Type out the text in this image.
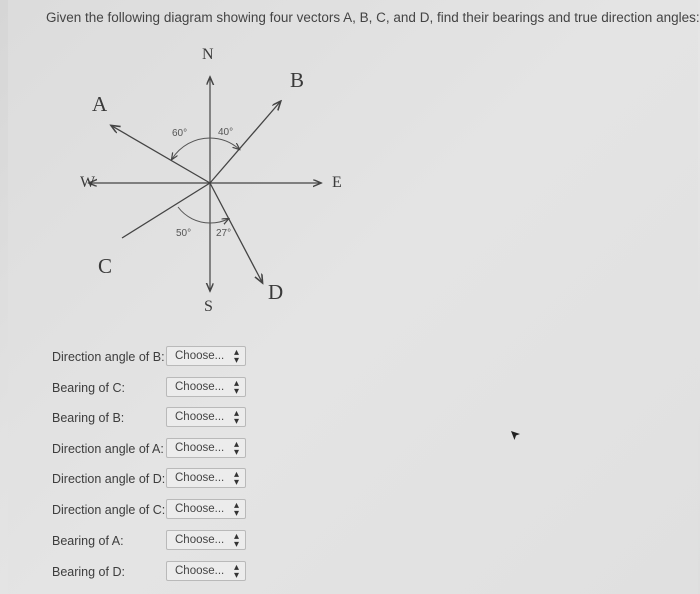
Given the following diagram showing four vectors A, B, C, and D, find their bearings and true direction angles:
N
S
E
W
A
B
C
D
60°	40°
50° 27°
Direction angle of B: Choose... ▴
▾
Bearing of C:	Choose... ▴
▾
Bearing of B:	Choose... ▴
▾
Direction angle of A: Choose... ▴
▾
Direction angle of D: Choose... ▴
▾
Direction angle of C: Choose... ▴
▾
Bearing of A:	Choose... ▴
▾
Bearing of D:	Choose... ▴
▾
